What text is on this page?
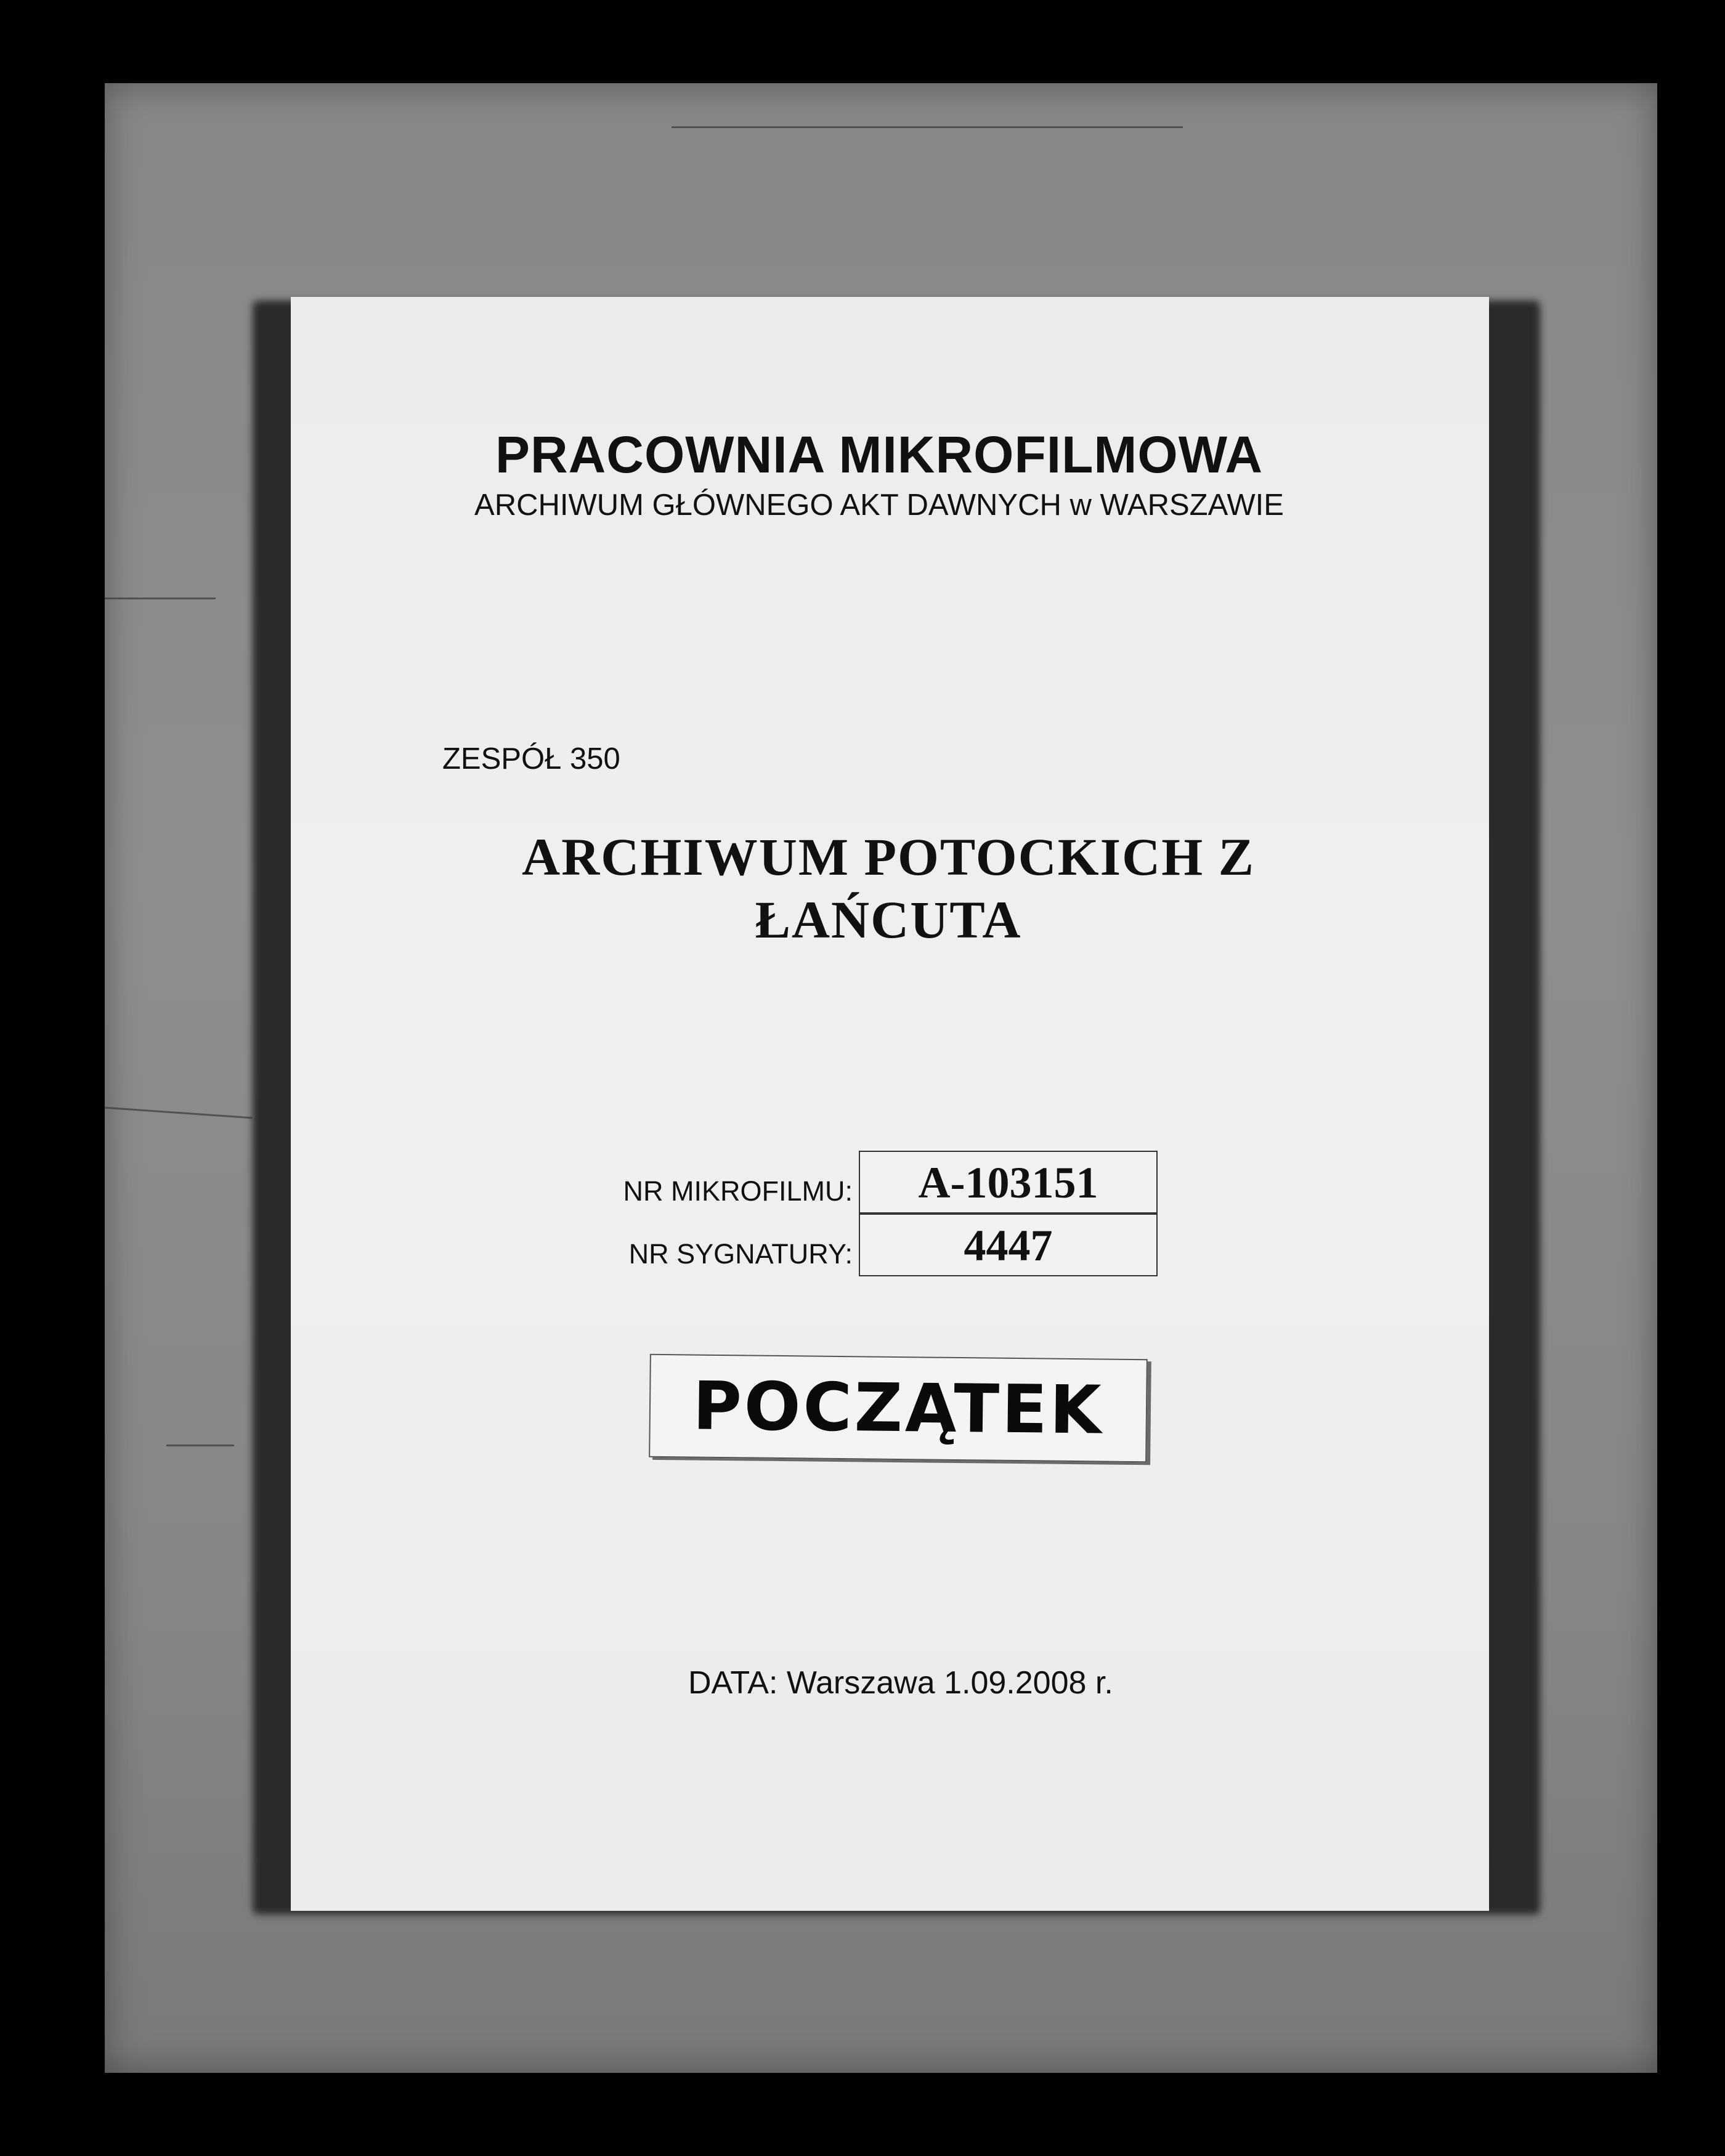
PRACOWNIA MIKROFILMOWA
ARCHIWUM GŁÓWNEGO AKT DAWNYCH w WARSZAWIE
ZESPÓŁ 350
ARCHIWUM POTOCKICH Z
ŁAŃCUTA
NR MIKROFILMU:	A-103151
NR SYGNATURY:	4447
POCZĄTEK
DATA: Warszawa 1.09.2008 r.
